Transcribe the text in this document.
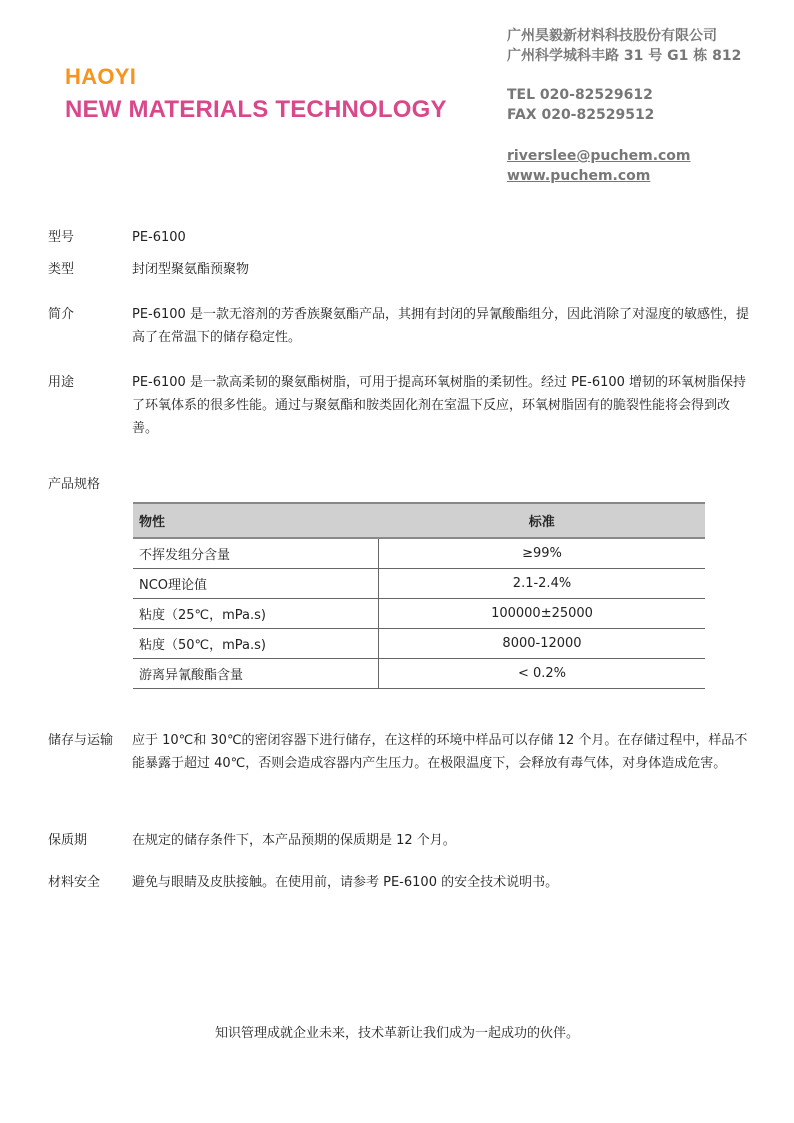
HAOYI
NEW MATERIALS TECHNOLOGY
广州昊毅新材料科技股份有限公司
广州科学城科丰路 31 号 G1 栋 812
TEL 020-82529612
FAX 020-82529512
riverslee@puchem.com
www.puchem.com
型号	PE-6100
类型	封闭型聚氨酯预聚物
简介	PE-6100 是一款无溶剂的芳香族聚氨酯产品，其拥有封闭的异氰酸酯组分，因此消除了对湿度的敏感性，提高了在常温下的储存稳定性。
用途	PE-6100 是一款高柔韧的聚氨酯树脂，可用于提高环氧树脂的柔韧性。经过 PE-6100 增韧的环氧树脂保持了环氧体系的很多性能。通过与聚氨酯和胺类固化剂在室温下反应，环氧树脂固有的脆裂性能将会得到改善。
产品规格
物性	标准
不挥发组分含量	≥99%
NCO理论值	2.1-2.4%
粘度（25℃，mPa.s)	100000±25000
粘度（50℃，mPa.s)	8000-12000
游离异氰酸酯含量	< 0.2%
储存与运输	应于 10℃和 30℃的密闭容器下进行储存，在这样的环境中样品可以存储 12 个月。在存储过程中，样品不能暴露于超过 40℃，否则会造成容器内产生压力。在极限温度下，会释放有毒气体，对身体造成危害。
保质期	在规定的储存条件下，本产品预期的保质期是 12 个月。
材料安全	避免与眼睛及皮肤接触。在使用前，请参考 PE-6100 的安全技术说明书。
知识管理成就企业未来，技术革新让我们成为一起成功的伙伴。
